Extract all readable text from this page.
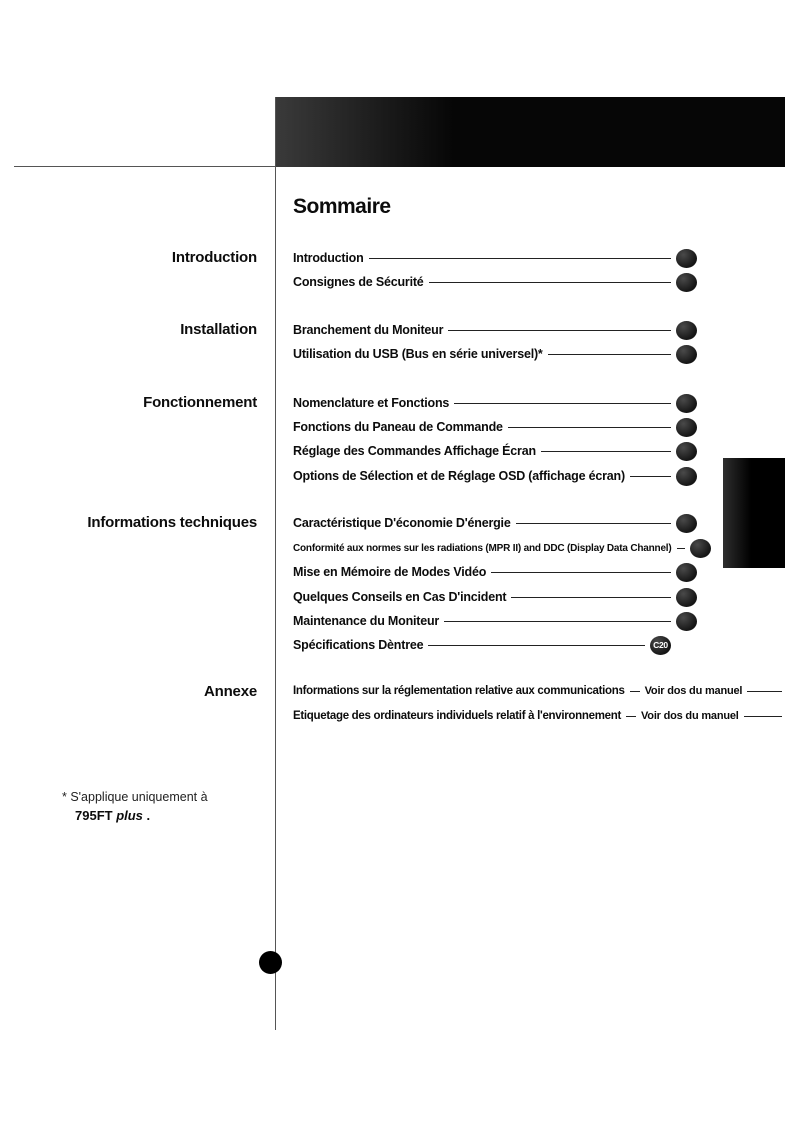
Sommaire
Introduction
Installation
Fonctionnement
Informations techniques
Annexe
Introduction
Consignes de Sécurité
Branchement du Moniteur
Utilisation du USB (Bus en série universel)*
Nomenclature et Fonctions
Fonctions du Paneau de Commande
Réglage des Commandes Affichage Écran
Options de Sélection et de Réglage OSD (affichage écran)
Caractéristique D'économie D'énergie
Conformité aux normes sur les radiations (MPR II) and DDC (Display Data Channel)
Mise en Mémoire de Modes Vidéo
Quelques Conseils en Cas D'incident
Maintenance du Moniteur
Spécifications Dèntree	C20
Informations sur la réglementation relative aux communications Voir dos du manuel
Etiquetage des ordinateurs individuels relatif à l'environnement Voir dos du manuel
* S'applique uniquement à
795FT plus .
